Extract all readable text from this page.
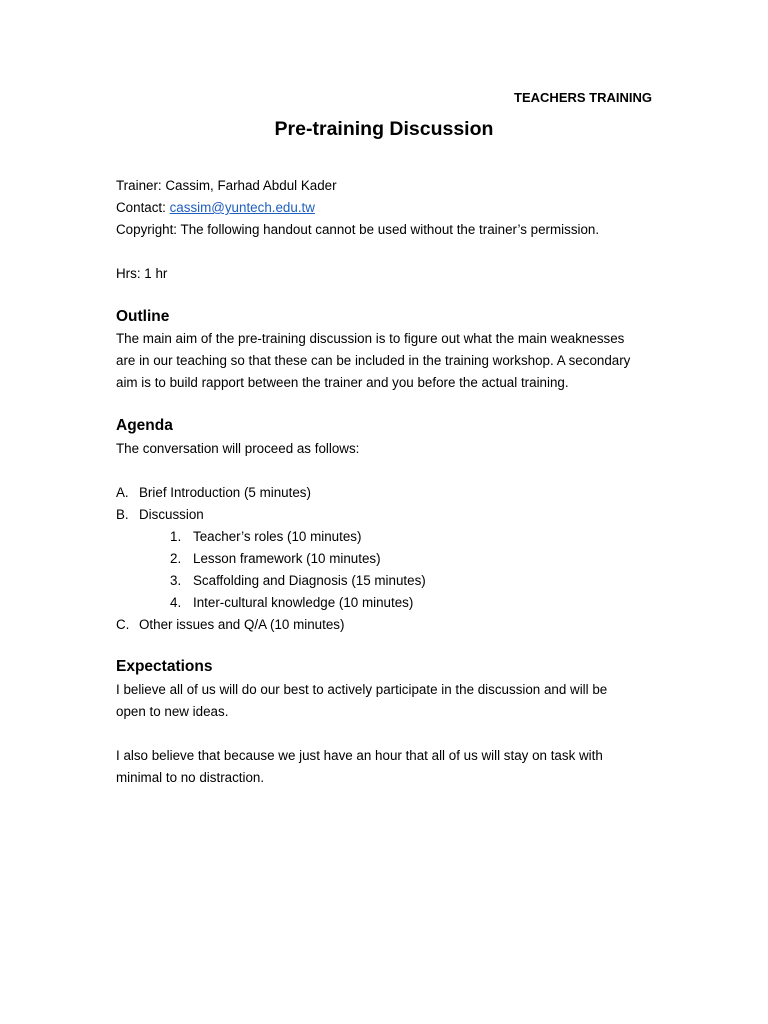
TEACHERS TRAINING
Pre-training Discussion
Trainer: Cassim, Farhad Abdul Kader
Contact: cassim@yuntech.edu.tw
Copyright: The following handout cannot be used without the trainer’s permission.
Hrs: 1 hr
Outline
The main aim of the pre-training discussion is to figure out what the main weaknesses
are in our teaching so that these can be included in the training workshop. A secondary
aim is to build rapport between the trainer and you before the actual training.
Agenda
The conversation will proceed as follows:
A. Brief Introduction (5 minutes)
B. Discussion
1. Teacher’s roles (10 minutes)
2. Lesson framework (10 minutes)
3. Scaffolding and Diagnosis (15 minutes)
4. Inter-cultural knowledge (10 minutes)
C. Other issues and Q/A (10 minutes)
Expectations
I believe all of us will do our best to actively participate in the discussion and will be
open to new ideas.
I also believe that because we just have an hour that all of us will stay on task with
minimal to no distraction.
